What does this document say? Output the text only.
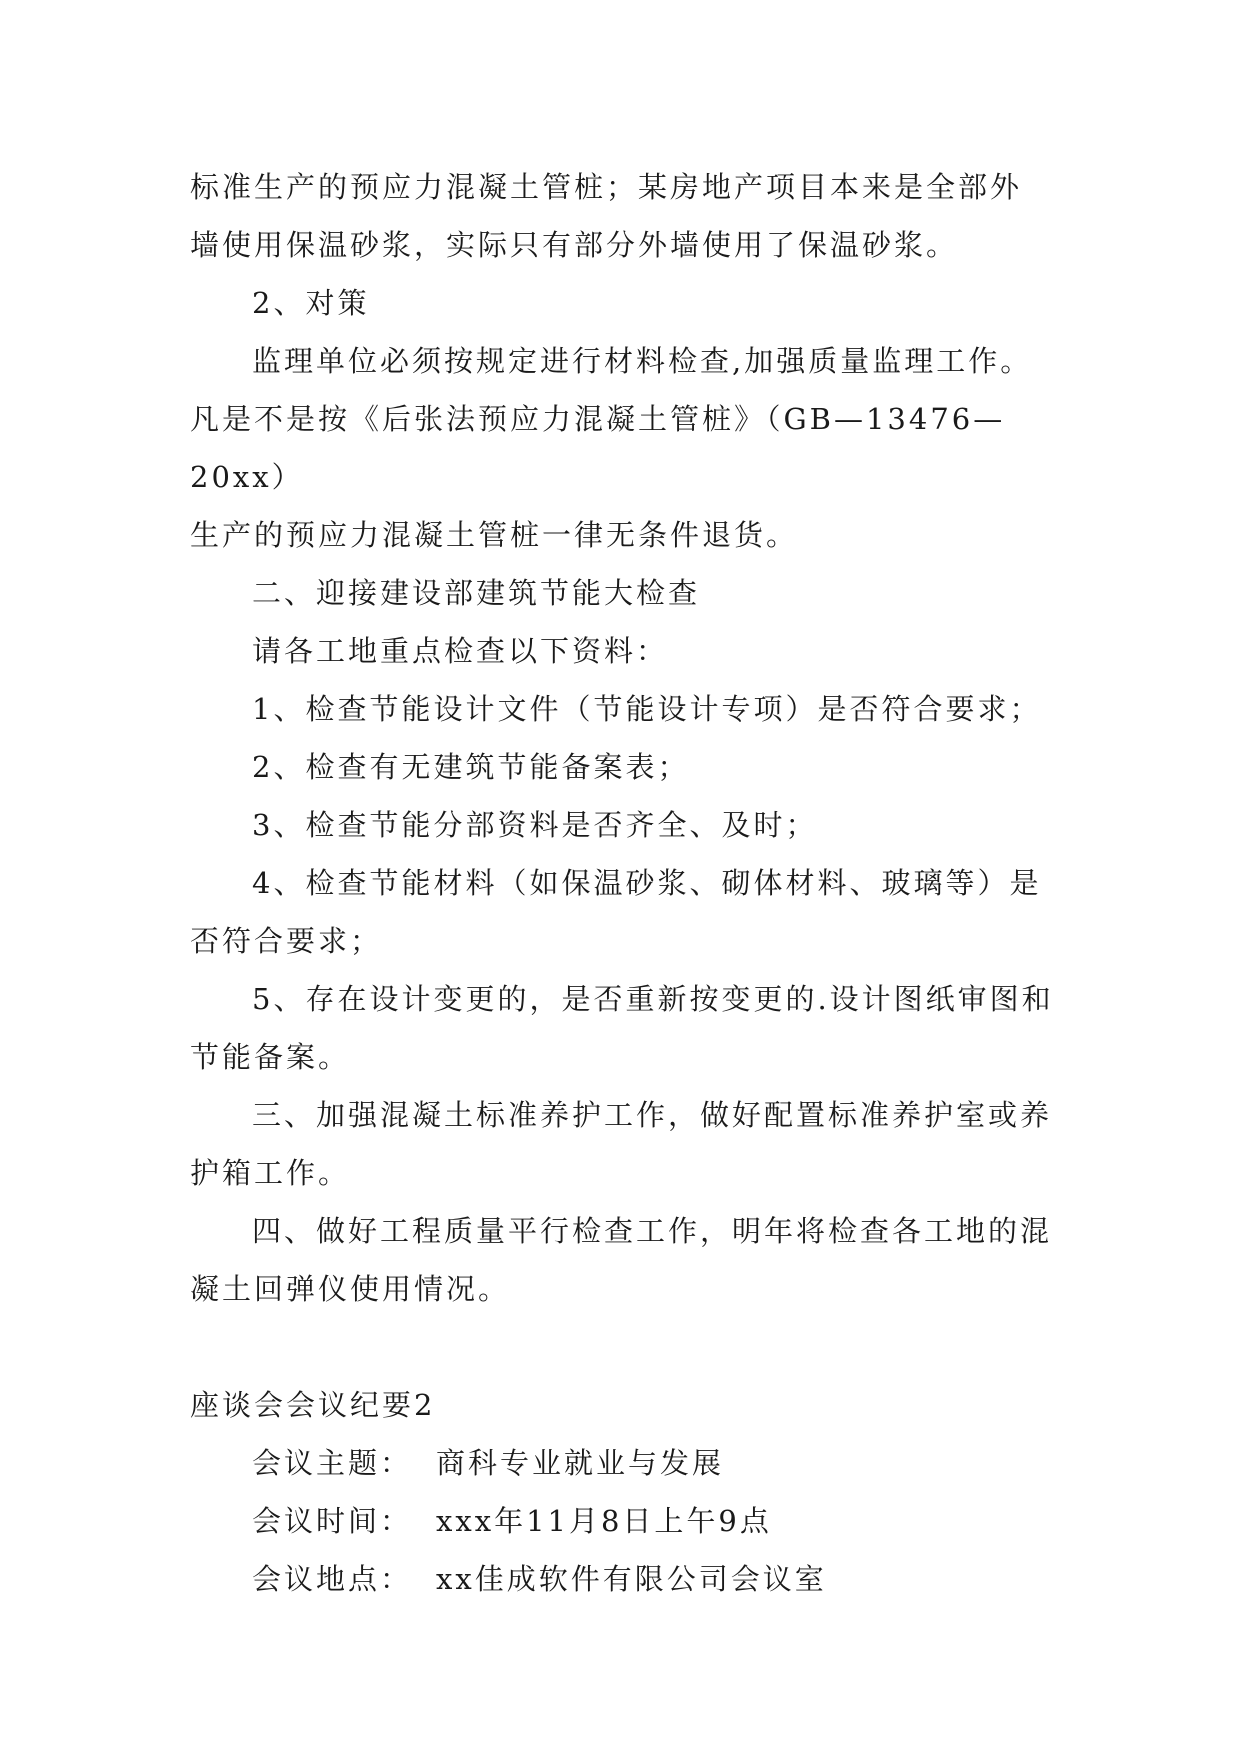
标准生产的预应力混凝土管桩；某房地产项目本来是全部外

墙使用保温砂浆，实际只有部分外墙使用了保温砂浆。

2、对策

监理单位必须按规定进行材料检查,加强质量监理工作。

凡是不是按《后张法预应力混凝土管桩》（GB—13476—20xx）

生产的预应力混凝土管桩一律无条件退货。

二、迎接建设部建筑节能大检查

请各工地重点检查以下资料：

1、检查节能设计文件（节能设计专项）是否符合要求；

2、检查有无建筑节能备案表；

3、检查节能分部资料是否齐全、及时；

4、检查节能材料（如保温砂浆、砌体材料、玻璃等）是否符合要求；

5、存在设计变更的，是否重新按变更的.设计图纸审图和节能备案。

三、加强混凝土标准养护工作，做好配置标准养护室或养护箱工作。

四、做好工程质量平行检查工作，明年将检查各工地的混凝土回弹仪使用情况。

座谈会会议纪要2

会议主题： 商科专业就业与发展

会议时间： xxx年11月8日上午9点

会议地点： xx佳成软件有限公司会议室
